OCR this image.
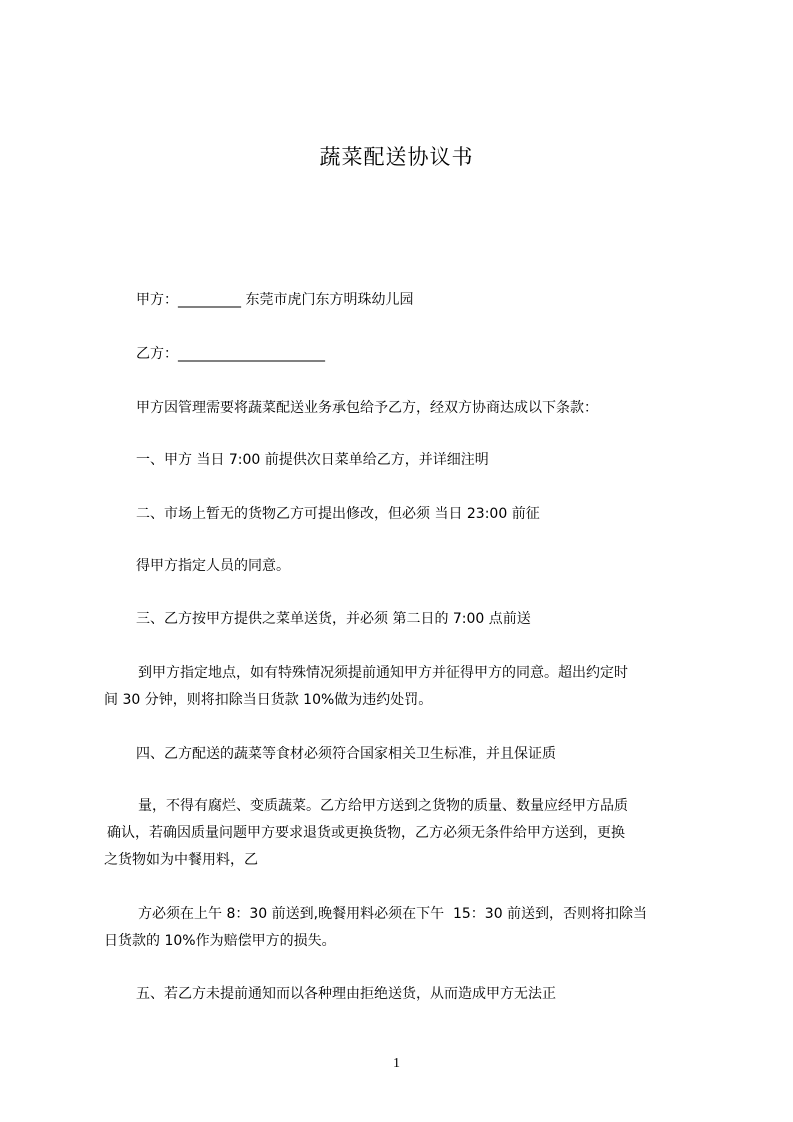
蔬菜配送协议书
甲方：_________ 东莞市虎门东方明珠幼儿园
乙方：_____________________
甲方因管理需要将蔬菜配送业务承包给予乙方，经双方协商达成以下条款：
一、甲方 当日 7:00 前提供次日菜单给乙方，并详细注明
二、市场上暂无的货物乙方可提出修改，但必须 当日 23:00 前征
得甲方指定人员的同意。
三、乙方按甲方提供之菜单送货，并必须 第二日的 7:00 点前送
到甲方指定地点，如有特殊情况须提前通知甲方并征得甲方的同意。超出约定时
间 30 分钟，则将扣除当日货款 10%做为违约处罚。
四、乙方配送的蔬菜等食材必须符合国家相关卫生标准，并且保证质
量，不得有腐烂、变质蔬菜。乙方给甲方送到之货物的质量、数量应经甲方品质
确认，若确因质量问题甲方要求退货或更换货物，乙方必须无条件给甲方送到，更换
之货物如为中餐用料，乙
方必须在上午 8：30 前送到,晚餐用料必须在下午  15：30 前送到，否则将扣除当
日货款的 10%作为赔偿甲方的损失。
五、若乙方未提前通知而以各种理由拒绝送货，从而造成甲方无法正
1
